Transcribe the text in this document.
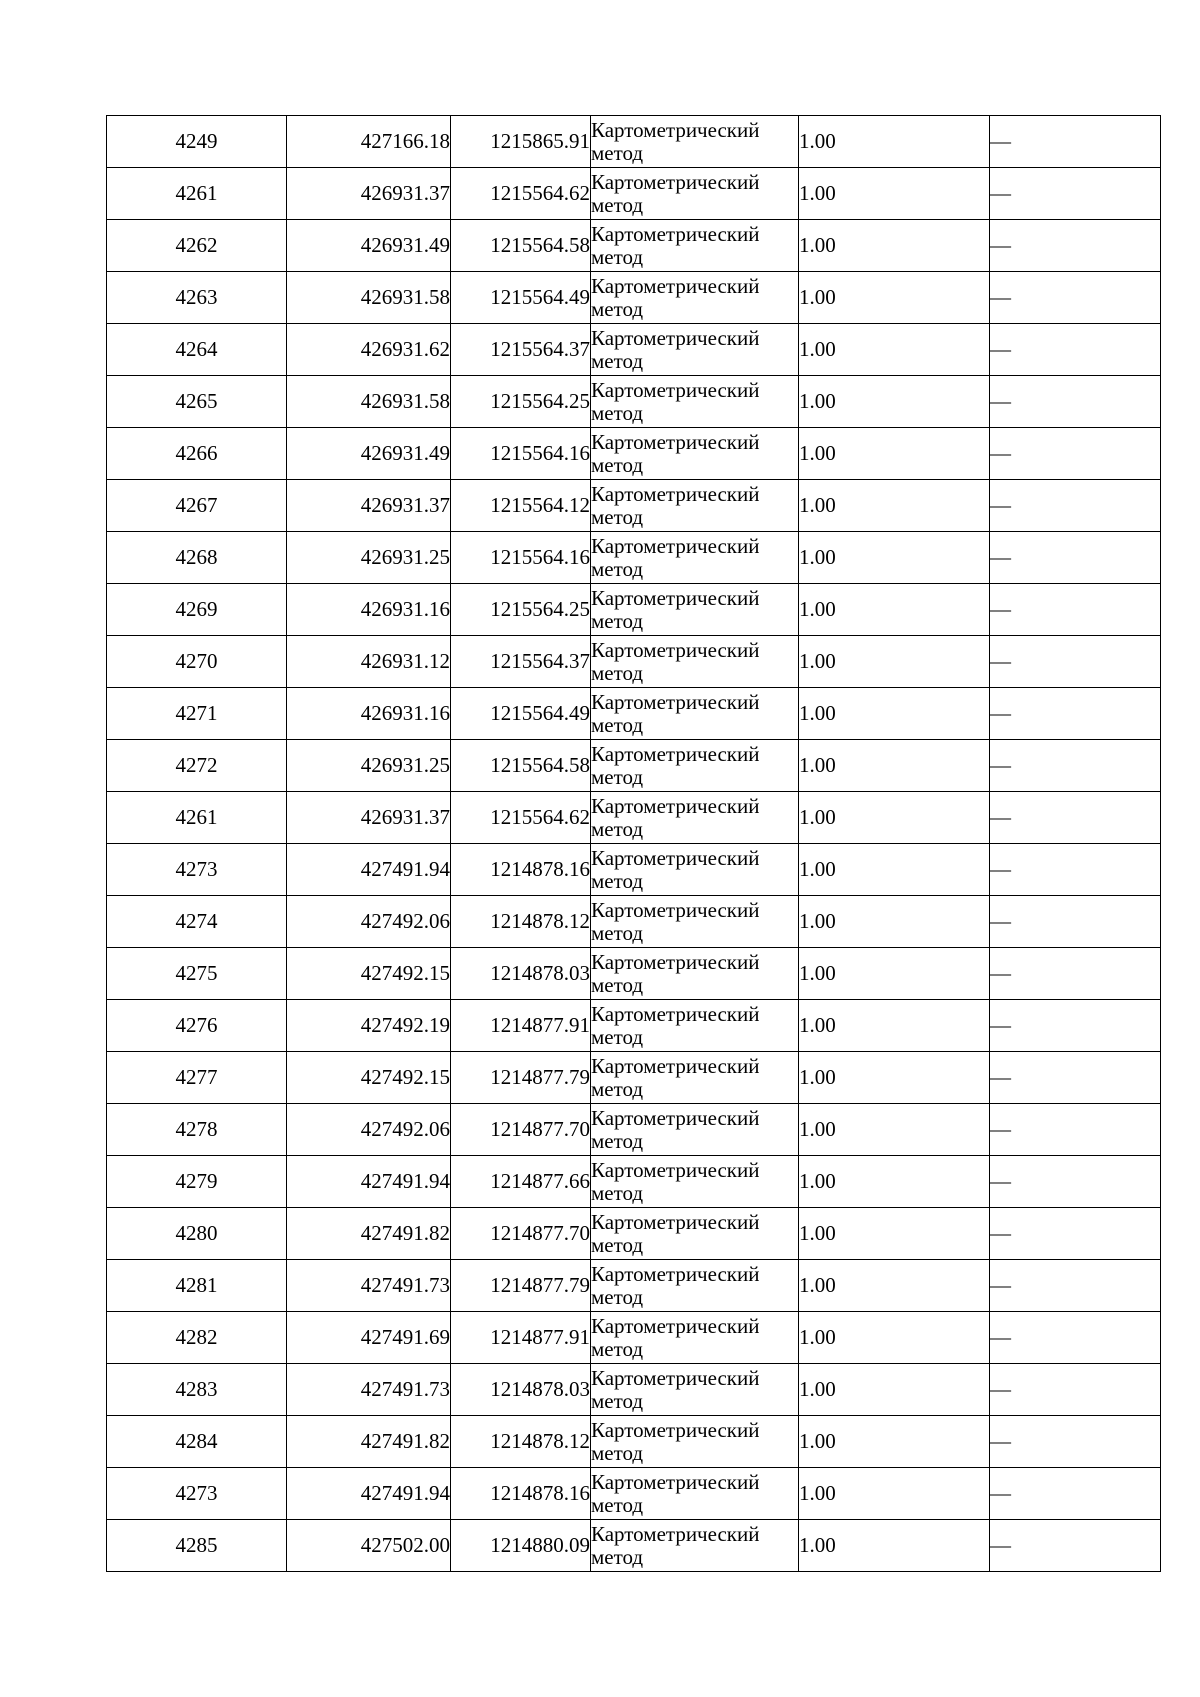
4249	427166.18	1215865.91	Картометрический
метод	1.00	—
4261	426931.37	1215564.62	Картометрический
метод	1.00	—
4262	426931.49	1215564.58	Картометрический
метод	1.00	—
4263	426931.58	1215564.49	Картометрический
метод	1.00	—
4264	426931.62	1215564.37	Картометрический
метод	1.00	—
4265	426931.58	1215564.25	Картометрический
метод	1.00	—
4266	426931.49	1215564.16	Картометрический
метод	1.00	—
4267	426931.37	1215564.12	Картометрический
метод	1.00	—
4268	426931.25	1215564.16	Картометрический
метод	1.00	—
4269	426931.16	1215564.25	Картометрический
метод	1.00	—
4270	426931.12	1215564.37	Картометрический
метод	1.00	—
4271	426931.16	1215564.49	Картометрический
метод	1.00	—
4272	426931.25	1215564.58	Картометрический
метод	1.00	—
4261	426931.37	1215564.62	Картометрический
метод	1.00	—
4273	427491.94	1214878.16	Картометрический
метод	1.00	—
4274	427492.06	1214878.12	Картометрический
метод	1.00	—
4275	427492.15	1214878.03	Картометрический
метод	1.00	—
4276	427492.19	1214877.91	Картометрический
метод	1.00	—
4277	427492.15	1214877.79	Картометрический
метод	1.00	—
4278	427492.06	1214877.70	Картометрический
метод	1.00	—
4279	427491.94	1214877.66	Картометрический
метод	1.00	—
4280	427491.82	1214877.70	Картометрический
метод	1.00	—
4281	427491.73	1214877.79	Картометрический
метод	1.00	—
4282	427491.69	1214877.91	Картометрический
метод	1.00	—
4283	427491.73	1214878.03	Картометрический
метод	1.00	—
4284	427491.82	1214878.12	Картометрический
метод	1.00	—
4273	427491.94	1214878.16	Картометрический
метод	1.00	—
4285	427502.00	1214880.09	Картометрический
метод	1.00	—
